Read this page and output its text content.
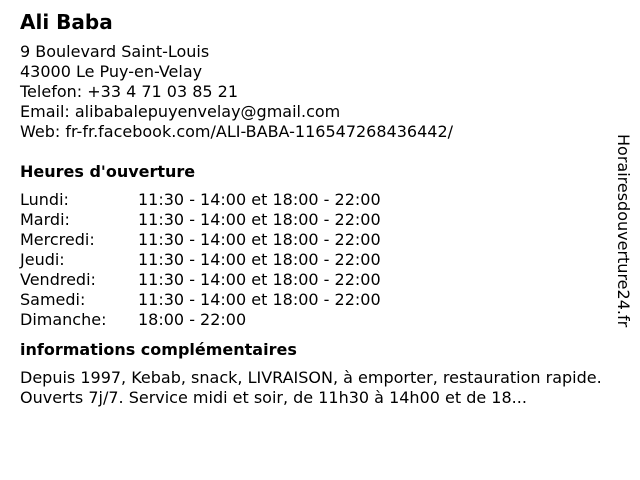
Ali Baba
9 Boulevard Saint-Louis
43000 Le Puy-en-Velay
Telefon: +33 4 71 03 85 21
Email: alibabalepuyenvelay@gmail.com
Web: fr-fr.facebook.com/ALI-BABA-116547268436442/
Heures d'ouverture
Lundi:	11:30 - 14:00 et 18:00 - 22:00
Mardi:	11:30 - 14:00 et 18:00 - 22:00
Mercredi:	11:30 - 14:00 et 18:00 - 22:00
Jeudi:	11:30 - 14:00 et 18:00 - 22:00
Vendredi:	11:30 - 14:00 et 18:00 - 22:00
Samedi:	11:30 - 14:00 et 18:00 - 22:00
Dimanche:	18:00 - 22:00
informations complémentaires
Depuis 1997, Kebab, snack, LIVRAISON, à emporter, restauration rapide. Ouverts 7j/7. Service midi et soir, de 11h30 à 14h00 et de 18...
Horairesdouverture24.fr
